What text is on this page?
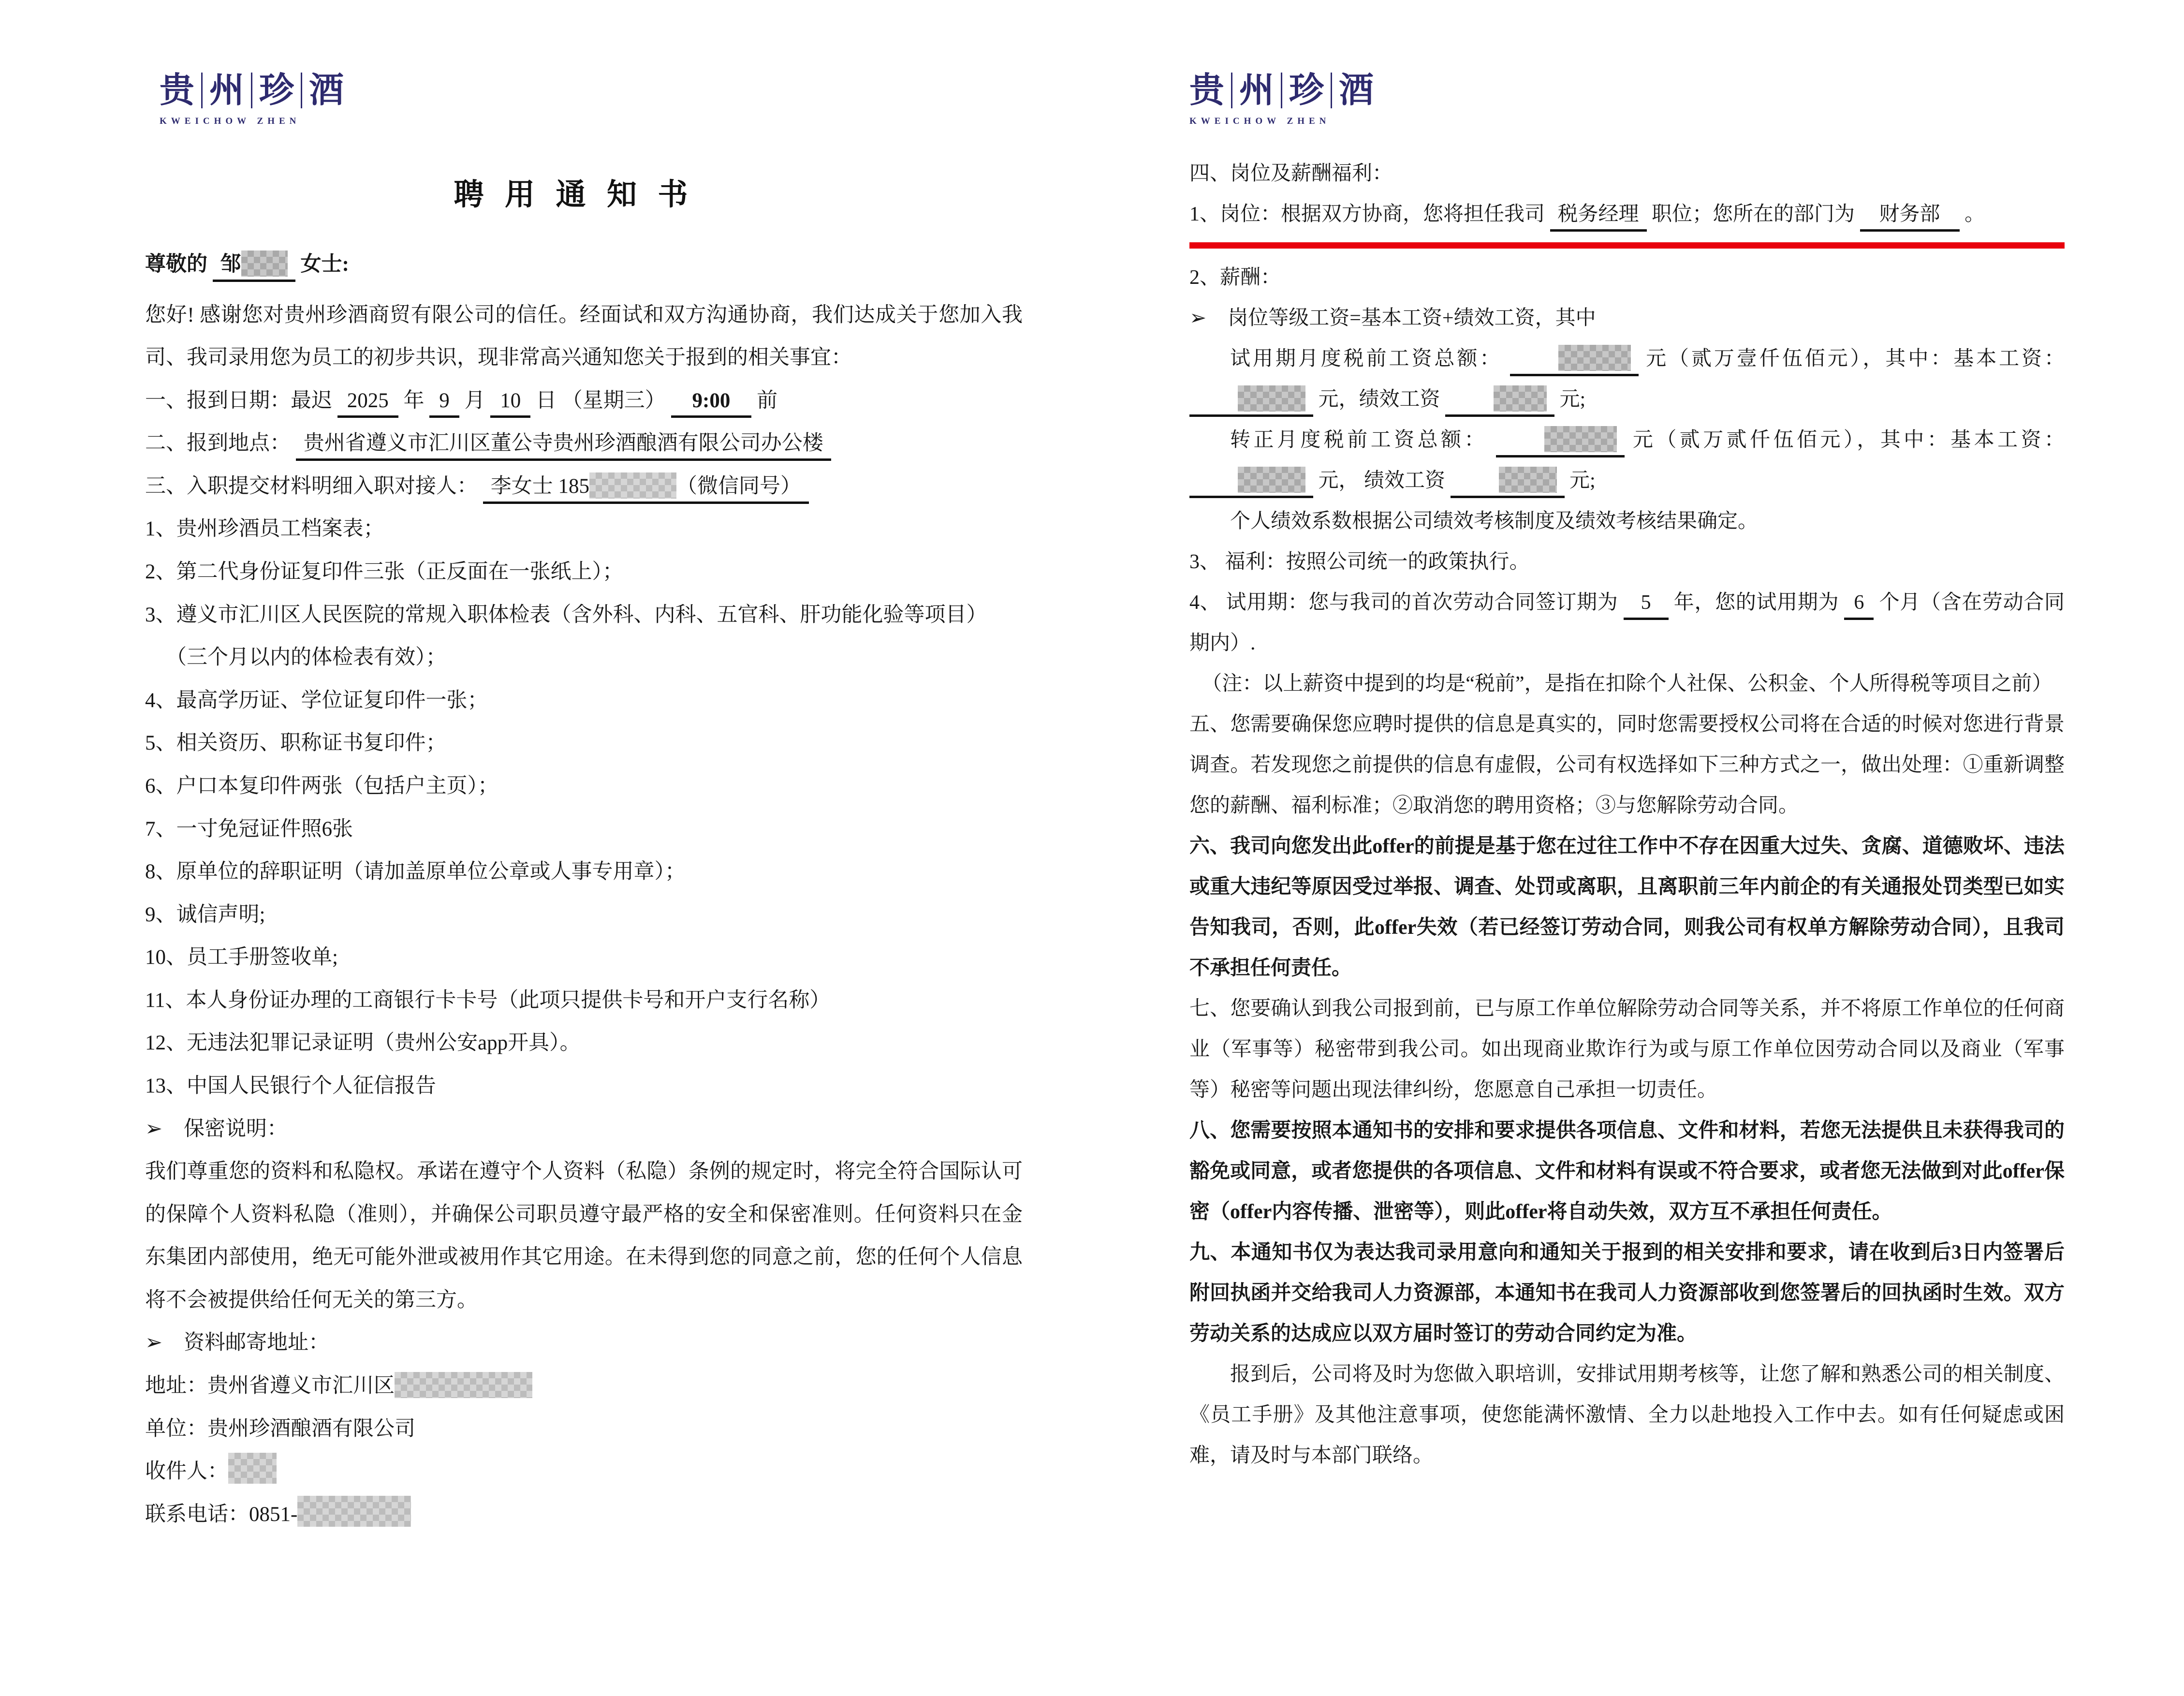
贵 州 珍 酒
KWEICHOW ZHEN
聘 用 通 知 书

尊敬的 邹	女士:

您好! 感谢您对贵州珍酒商贸有限公司的信任。经面试和双方沟通协商，我们达成关于您加入我司、我司录用您为员工的初步共识，现非常高兴通知您关于报到的相关事宜：

一、报到日期：最迟 2025 年 9 月 10 日 （星期三） 9:00 前

二、报到地点： 贵州省遵义市汇川区董公寺贵州珍酒酿酒有限公司办公楼

三、入职提交材料明细入职对接人： 李女士 185	（微信同号）

1、贵州珍酒员工档案表；

2、第二代身份证复印件三张（正反面在一张纸上）；

3、遵义市汇川区人民医院的常规入职体检表（含外科、内科、五官科、肝功能化验等项目）

（三个月以内的体检表有效）；

4、最高学历证、学位证复印件一张；

5、相关资历、职称证书复印件；

6、户口本复印件两张（包括户主页）；

7、一寸免冠证件照6张

8、原单位的辞职证明（请加盖原单位公章或人事专用章）；

9、诚信声明;

10、员工手册签收单;

11、本人身份证办理的工商银行卡卡号（此项只提供卡号和开户支行名称）

12、无违法犯罪记录证明（贵州公安app开具）。

13、中国人民银行个人征信报告

➢ 保密说明：

我们尊重您的资料和私隐权。承诺在遵守个人资料（私隐）条例的规定时，将完全符合国际认可的保障个人资料私隐（准则），并确保公司职员遵守最严格的安全和保密准则。任何资料只在金东集团内部使用，绝无可能外泄或被用作其它用途。在未得到您的同意之前，您的任何个人信息将不会被提供给任何无关的第三方。

➢ 资料邮寄地址：

地址：贵州省遵义市汇川区

单位：贵州珍酒酿酒有限公司

收件人：

联系电话：0851-

贵 州 珍 酒
KWEICHOW ZHEN

四、岗位及薪酬福利：

1、岗位：根据双方协商，您将担任我司 税务经理 职位；您所在的部门为 财务部 。

2、薪酬：

➢ 岗位等级工资=基本工资+绩效工资，其中

试用期月度税前工资总额：	元（贰万壹仟伍佰元），其中：基本工资：  元，绩效工资	元;

转正月度税前工资总额：	元（贰万贰仟伍佰元），其中：基本工资：  元， 绩效工资	元;

个人绩效系数根据公司绩效考核制度及绩效考核结果确定。

3、 福利：按照公司统一的政策执行。

4、 试用期：您与我司的首次劳动合同签订期为 5 年，您的试用期为 6 个月（含在劳动合同期内）.

（注：以上薪资中提到的均是“税前”，是指在扣除个人社保、公积金、个人所得税等项目之前）

五、您需要确保您应聘时提供的信息是真实的，同时您需要授权公司将在合适的时候对您进行背景调查。若发现您之前提供的信息有虚假，公司有权选择如下三种方式之一，做出处理：①重新调整您的薪酬、福利标准；②取消您的聘用资格；③与您解除劳动合同。

六、我司向您发出此offer的前提是基于您在过往工作中不存在因重大过失、贪腐、道德败坏、违法或重大违纪等原因受过举报、调查、处罚或离职，且离职前三年内前企的有关通报处罚类型已如实告知我司，否则，此offer失效（若已经签订劳动合同，则我公司有权单方解除劳动合同），且我司不承担任何责任。

七、您要确认到我公司报到前，已与原工作单位解除劳动合同等关系，并不将原工作单位的任何商业（军事等）秘密带到我公司。如出现商业欺诈行为或与原工作单位因劳动合同以及商业（军事等）秘密等问题出现法律纠纷，您愿意自己承担一切责任。

八、您需要按照本通知书的安排和要求提供各项信息、文件和材料，若您无法提供且未获得我司的豁免或同意，或者您提供的各项信息、文件和材料有误或不符合要求，或者您无法做到对此offer保密（offer内容传播、泄密等），则此offer将自动失效，双方互不承担任何责任。

九、本通知书仅为表达我司录用意向和通知关于报到的相关安排和要求，请在收到后3日内签署后附回执函并交给我司人力资源部，本通知书在我司人力资源部收到您签署后的回执函时生效。双方劳动关系的达成应以双方届时签订的劳动合同约定为准。

报到后，公司将及时为您做入职培训，安排试用期考核等，让您了解和熟悉公司的相关制度、《员工手册》及其他注意事项，使您能满怀激情、全力以赴地投入工作中去。如有任何疑虑或困难，请及时与本部门联络。
